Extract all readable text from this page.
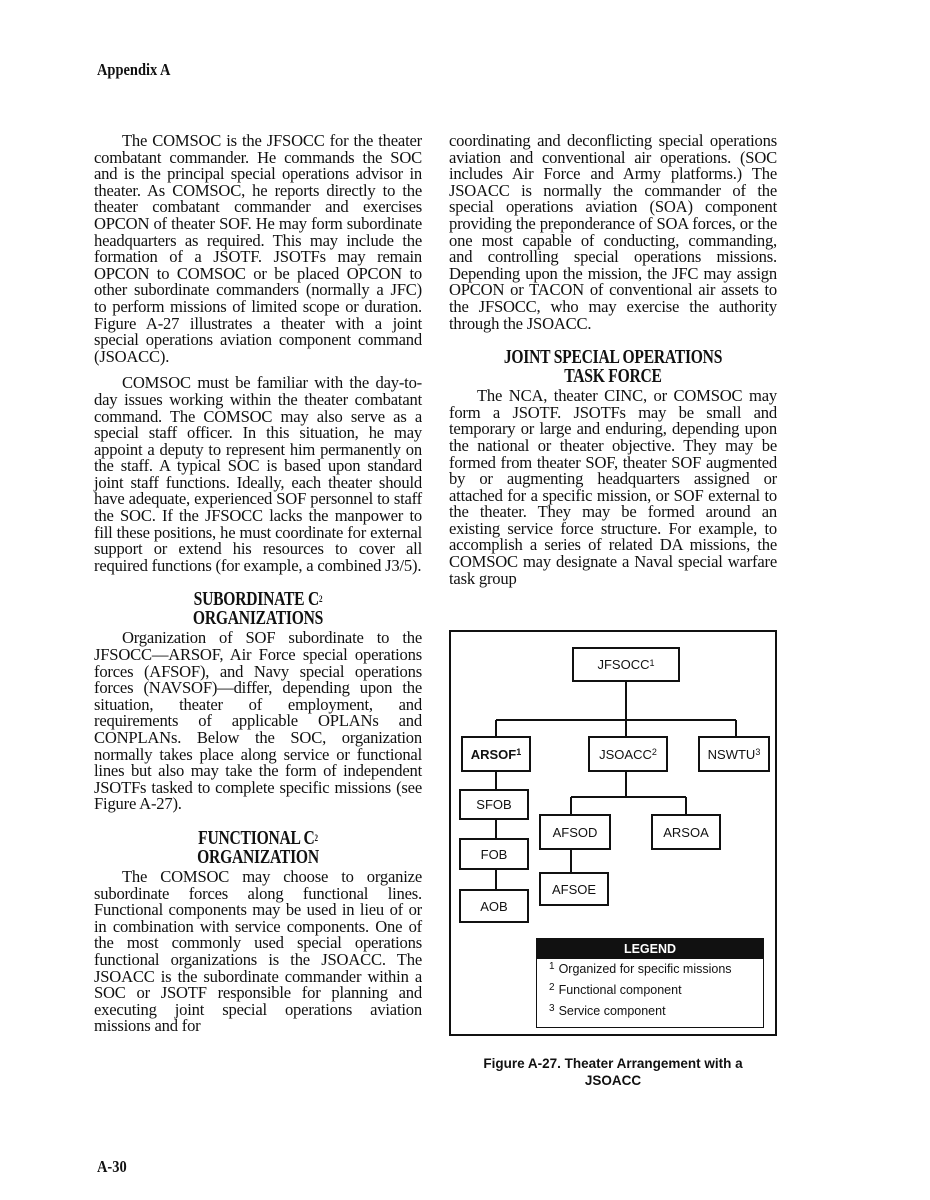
Appendix A

The COMSOC is the JFSOCC for the theater combatant commander. He commands the SOC and is the principal special operations advisor in theater. As COMSOC, he reports directly to the theater combatant commander and exercises OPCON of theater SOF. He may form subordinate headquarters as required. This may include the formation of a JSOTF. JSOTFs may remain OPCON to COMSOC or be placed OPCON to other subordinate commanders (normally a JFC) to perform missions of limited scope or duration. Figure A-27 illustrates a theater with a joint special operations aviation component command (JSOACC).

COMSOC must be familiar with the day-to-day issues working within the theater combatant command. The COMSOC may also serve as a special staff officer. In this situation, he may appoint a deputy to represent him permanently on the staff. A typical SOC is based upon standard joint staff functions. Ideally, each theater should have adequate, experienced SOF personnel to staff the SOC. If the JFSOCC lacks the manpower to fill these positions, he must coordinate for external support or extend his resources to cover all required functions (for example, a combined J3/5).

SUBORDINATE $C^2$
ORGANIZATIONS

Organization of SOF subordinate to the JFSOCC—ARSOF, Air Force special operations forces (AFSOF), and Navy special operations forces (NAVSOF)—differ, depending upon the situation, theater of employment, and requirements of applicable OPLANs and CONPLANs. Below the SOC, organization normally takes place along service or functional lines but also may take the form of independent JSOTFs tasked to complete specific missions (see Figure A-27).

FUNCTIONAL $C^2$
ORGANIZATION

The COMSOC may choose to organize subordinate forces along functional lines. Functional components may be used in lieu of or in combination with service components. One of the most commonly used special operations functional organizations is the JSOACC. The JSOACC is the subordinate commander within a SOC or JSOTF responsible for planning and executing joint special operations aviation missions and for

coordinating and deconflicting special operations aviation and conventional air operations. (SOC includes Air Force and Army platforms.) The JSOACC is normally the commander of the special operations aviation (SOA) component providing the preponderance of SOA forces, or the one most capable of conducting, commanding, and controlling special operations missions. Depending upon the mission, the JFC may assign OPCON or TACON of conventional air assets to the JFSOCC, who may exercise the authority through the JSOACC.

JOINT SPECIAL OPERATIONS
TASK FORCE

The NCA, theater CINC, or COMSOC may form a JSOTF. JSOTFs may be small and temporary or large and enduring, depending upon the national or theater objective. They may be formed from theater SOF, theater SOF augmented by or augmenting headquarters assigned or attached for a specific mission, or SOF external to the theater. They may be formed around an existing service force structure. For example, to accomplish a series of related DA missions, the COMSOC may designate a Naval special warfare task group

JFSOCC$^1$
ARSOF$^1$	JSOACC$^2$	NSWTU$^3$
SFOB
FOB
AOB
AFSOD	ARSOA
AFSOE
LEGEND
$^1$ Organized for specific missions
$^2$ Functional component
$^3$ Service component
Figure A-27. Theater Arrangement with a
JSOACC
A-30
